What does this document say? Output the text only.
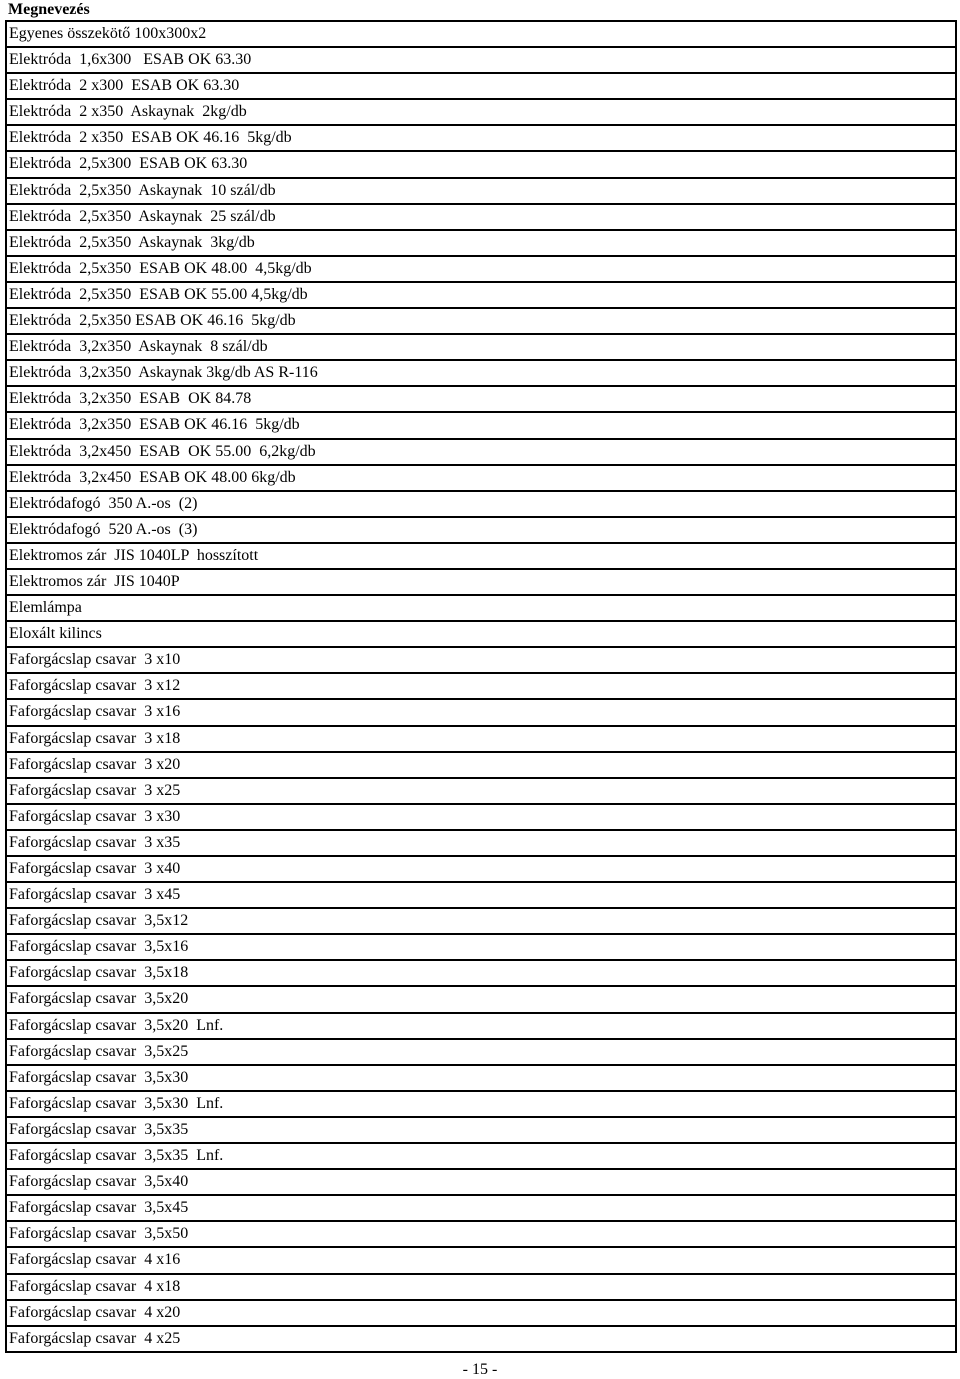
Megnevezés
Egyenes összekötő 100x300x2
Elektróda  1,6x300   ESAB OK 63.30
Elektróda  2 x300  ESAB OK 63.30
Elektróda  2 x350  Askaynak  2kg/db
Elektróda  2 x350  ESAB OK 46.16  5kg/db
Elektróda  2,5x300  ESAB OK 63.30
Elektróda  2,5x350  Askaynak  10 szál/db
Elektróda  2,5x350  Askaynak  25 szál/db
Elektróda  2,5x350  Askaynak  3kg/db
Elektróda  2,5x350  ESAB OK 48.00  4,5kg/db
Elektróda  2,5x350  ESAB OK 55.00 4,5kg/db
Elektróda  2,5x350 ESAB OK 46.16  5kg/db
Elektróda  3,2x350  Askaynak  8 szál/db
Elektróda  3,2x350  Askaynak 3kg/db AS R-116
Elektróda  3,2x350  ESAB  OK 84.78
Elektróda  3,2x350  ESAB OK 46.16  5kg/db
Elektróda  3,2x450  ESAB  OK 55.00  6,2kg/db
Elektróda  3,2x450  ESAB OK 48.00 6kg/db
Elektródafogó  350 A.-os  (2)
Elektródafogó  520 A.-os  (3)
Elektromos zár  JIS 1040LP  hosszított
Elektromos zár  JIS 1040P
Elemlámpa
Eloxált kilincs
Faforgácslap csavar  3 x10
Faforgácslap csavar  3 x12
Faforgácslap csavar  3 x16
Faforgácslap csavar  3 x18
Faforgácslap csavar  3 x20
Faforgácslap csavar  3 x25
Faforgácslap csavar  3 x30
Faforgácslap csavar  3 x35
Faforgácslap csavar  3 x40
Faforgácslap csavar  3 x45
Faforgácslap csavar  3,5x12
Faforgácslap csavar  3,5x16
Faforgácslap csavar  3,5x18
Faforgácslap csavar  3,5x20
Faforgácslap csavar  3,5x20  Lnf.
Faforgácslap csavar  3,5x25
Faforgácslap csavar  3,5x30
Faforgácslap csavar  3,5x30  Lnf.
Faforgácslap csavar  3,5x35
Faforgácslap csavar  3,5x35  Lnf.
Faforgácslap csavar  3,5x40
Faforgácslap csavar  3,5x45
Faforgácslap csavar  3,5x50
Faforgácslap csavar  4 x16
Faforgácslap csavar  4 x18
Faforgácslap csavar  4 x20
Faforgácslap csavar  4 x25
- 15 -
